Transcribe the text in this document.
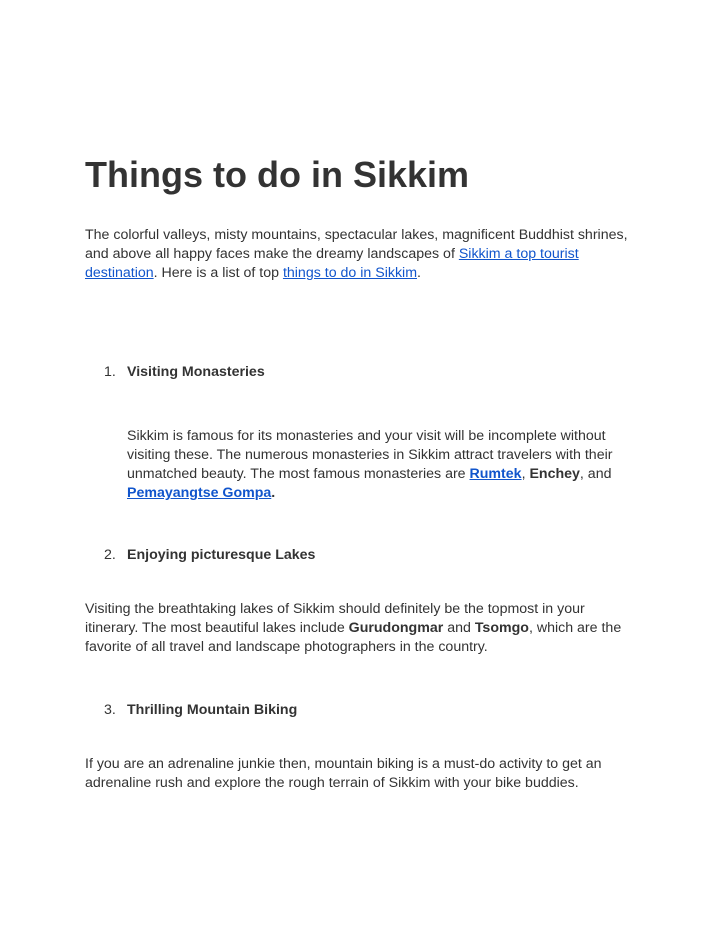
Things to do in Sikkim
The colorful valleys, misty mountains, spectacular lakes, magnificent Buddhist shrines,
and above all happy faces make the dreamy landscapes of Sikkim a top tourist
destination. Here is a list of top things to do in Sikkim.
1. Visiting Monasteries
Sikkim is famous for its monasteries and your visit will be incomplete without
visiting these. The numerous monasteries in Sikkim attract travelers with their
unmatched beauty. The most famous monasteries are Rumtek, Enchey, and
Pemayangtse Gompa.
2. Enjoying picturesque Lakes
Visiting the breathtaking lakes of Sikkim should definitely be the topmost in your
itinerary. The most beautiful lakes include Gurudongmar and Tsomgo, which are the
favorite of all travel and landscape photographers in the country.
3. Thrilling Mountain Biking
If you are an adrenaline junkie then, mountain biking is a must-do activity to get an
adrenaline rush and explore the rough terrain of Sikkim with your bike buddies.
